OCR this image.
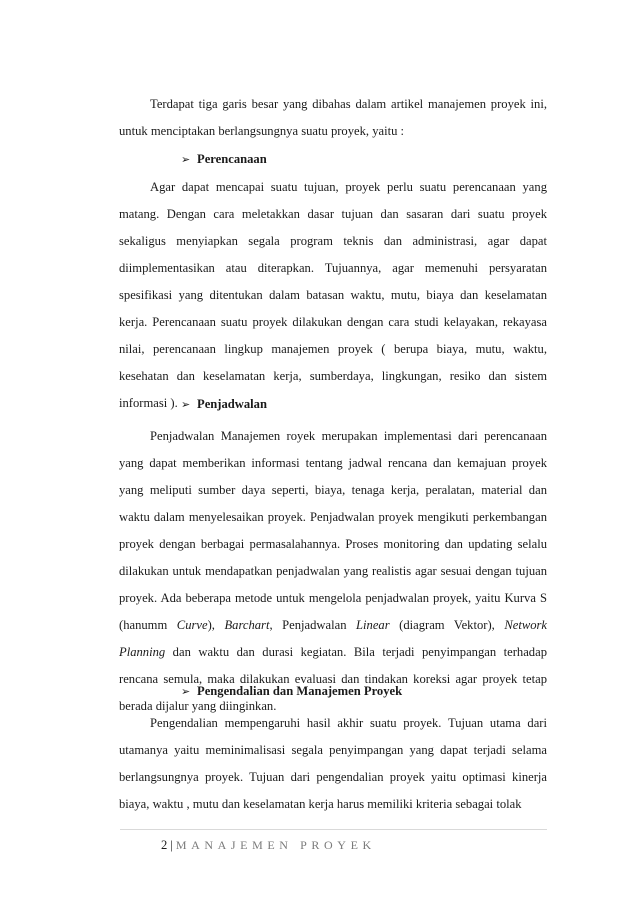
Terdapat tiga garis besar yang dibahas dalam artikel manajemen proyek ini, untuk menciptakan berlangsungnya suatu proyek, yaitu :

➢ Perencanaan

Agar dapat mencapai suatu tujuan, proyek perlu suatu perencanaan yang matang. Dengan cara meletakkan dasar tujuan dan sasaran dari suatu proyek sekaligus menyiapkan segala program teknis dan administrasi, agar dapat diimplementasikan atau diterapkan. Tujuannya, agar memenuhi persyaratan spesifikasi yang ditentukan dalam batasan waktu, mutu, biaya dan keselamatan kerja. Perencanaan suatu proyek dilakukan dengan cara studi kelayakan, rekayasa nilai, perencanaan lingkup manajemen proyek ( berupa biaya, mutu, waktu, kesehatan dan keselamatan kerja, sumberdaya, lingkungan, resiko dan sistem informasi ). ➢ Penjadwalan

Penjadwalan Manajemen royek merupakan implementasi dari perencanaan yang dapat memberikan informasi tentang jadwal rencana dan kemajuan proyek yang meliputi sumber daya seperti, biaya, tenaga kerja, peralatan, material dan waktu dalam menyelesaikan proyek. Penjadwalan proyek mengikuti perkembangan proyek dengan berbagai permasalahannya. Proses monitoring dan updating selalu dilakukan untuk mendapatkan penjadwalan yang realistis agar sesuai dengan tujuan proyek. Ada beberapa metode untuk mengelola penjadwalan proyek, yaitu Kurva S (hanumm Curve), Barchart, Penjadwalan Linear (diagram Vektor), Network Planning dan waktu dan durasi kegiatan. Bila terjadi penyimpangan terhadap rencana semula, maka dilakukan evaluasi dan tindakan koreksi agar proyek tetap berada dijalur yang diinginkan.

➢ Pengendalian dan Manajemen Proyek

Pengendalian mempengaruhi hasil akhir suatu proyek. Tujuan utama dari utamanya yaitu meminimalisasi segala penyimpangan yang dapat terjadi selama berlangsungnya proyek. Tujuan dari pengendalian proyek yaitu optimasi kinerja biaya, waktu , mutu dan keselamatan kerja harus memiliki kriteria sebagai tolak

2 | MANAJEMEN PROYEK
